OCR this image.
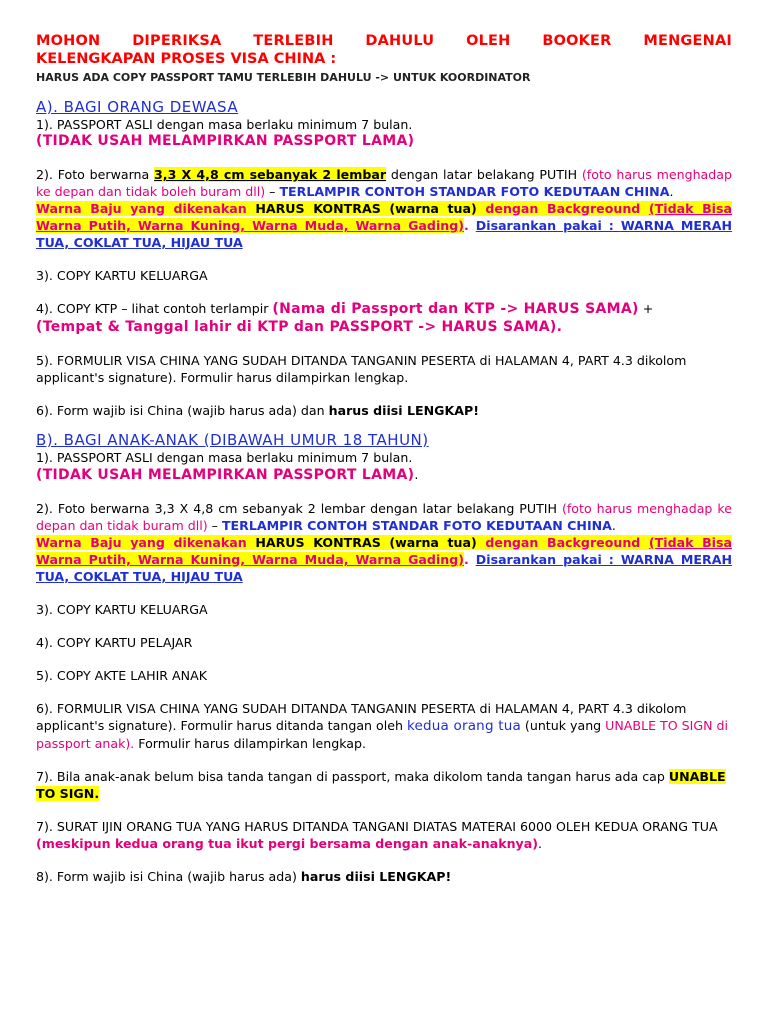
MOHON DIPERIKSA TERLEBIH DAHULU OLEH BOOKER MENGENAI
KELENGKAPAN PROSES VISA CHINA :
HARUS ADA COPY PASSPORT TAMU TERLEBIH DAHULU -> UNTUK KOORDINATOR
A). BAGI ORANG DEWASA

1). PASSPORT ASLI dengan masa berlaku minimum 7 bulan.

(TIDAK USAH MELAMPIRKAN PASSPORT LAMA)

2). Foto berwarna 3,3 X 4,8 cm sebanyak 2 lembar dengan latar belakang PUTIH (foto harus menghadap ke depan dan tidak boleh buram dll) – TERLAMPIR CONTOH STANDAR FOTO KEDUTAAN CHINA.

Warna Baju yang dikenakan HARUS KONTRAS (warna tua) dengan Backgreound (Tidak Bisa Warna Putih, Warna Kuning, Warna Muda, Warna Gading). Disarankan pakai : WARNA MERAH TUA, COKLAT TUA, HIJAU TUA

3). COPY KARTU KELUARGA

4). COPY KTP – lihat contoh terlampir (Nama di Passport dan KTP -> HARUS SAMA) +
(Tempat & Tanggal lahir di KTP dan PASSPORT -> HARUS SAMA).

5). FORMULIR VISA CHINA YANG SUDAH DITANDA TANGANIN PESERTA di HALAMAN 4, PART 4.3 dikolom applicant's signature). Formulir harus dilampirkan lengkap.

6). Form wajib isi China (wajib harus ada) dan harus diisi LENGKAP!

B). BAGI ANAK-ANAK (DIBAWAH UMUR 18 TAHUN)

1). PASSPORT ASLI dengan masa berlaku minimum 7 bulan.

(TIDAK USAH MELAMPIRKAN PASSPORT LAMA).

2). Foto berwarna 3,3 X 4,8 cm sebanyak 2 lembar dengan latar belakang PUTIH (foto harus menghadap ke depan dan tidak buram dll) – TERLAMPIR CONTOH STANDAR FOTO KEDUTAAN CHINA.

Warna Baju yang dikenakan HARUS KONTRAS (warna tua) dengan Backgreound (Tidak Bisa Warna Putih, Warna Kuning, Warna Muda, Warna Gading). Disarankan pakai : WARNA MERAH TUA, COKLAT TUA, HIJAU TUA

3). COPY KARTU KELUARGA

4). COPY KARTU PELAJAR

5). COPY AKTE LAHIR ANAK

6). FORMULIR VISA CHINA YANG SUDAH DITANDA TANGANIN PESERTA di HALAMAN 4, PART 4.3 dikolom applicant's signature). Formulir harus ditanda tangan oleh kedua orang tua (untuk yang UNABLE TO SIGN di passport anak). Formulir harus dilampirkan lengkap.

7). Bila anak-anak belum bisa tanda tangan di passport, maka dikolom tanda tangan harus ada cap UNABLE TO SIGN.

7). SURAT IJIN ORANG TUA YANG HARUS DITANDA TANGANI DIATAS MATERAI 6000 OLEH KEDUA ORANG TUA (meskipun kedua orang tua ikut pergi bersama dengan anak-anaknya).

8). Form wajib isi China (wajib harus ada) harus diisi LENGKAP!
